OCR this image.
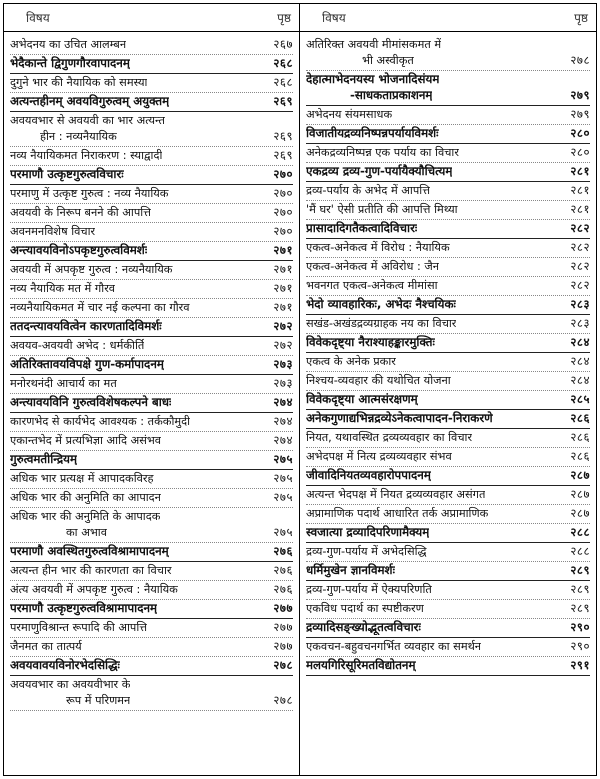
विषय	पृष्ठ
अभेदनय का उचित आलम्बन	२६७
भेदैकान्ते द्विगुणगौरवापादनम्	२६८
दुगुने भार की नैयायिक को समस्या	२६८
अत्यन्तहीनम् अवयविगुरुत्वम् अयुक्तम्	२६९
अवयवभार से अवयवी का भार अत्यन्त
हीन : नव्यनैयायिक	२६९
नव्य नैयायिकमत निराकरण : स्याद्वादी	२६९
परमाणौ उत्कृष्टगुरुत्वविचारः	२७०
परमाणु में उत्कृष्ट गुरुत्व : नव्य नैयायिक	२७०
अवयवी के निरूप बनने की आपत्ति	२७०
अवनमनविशेष विचार	२७०
अन्त्यावयविनोऽपकृष्टगुरुत्वविमर्शः	२७१
अवयवी में अपकृष्ट गुरुत्व : नव्यनैयायिक	२७१
नव्य नैयायिक मत में गौरव	२७१
नव्यनैयायिकमत में चार नई कल्पना का गौरव	२७१
ततदन्त्यावयवित्वेन कारणतादिविमर्शः	२७२
अवयव-अवयवी अभेद : धर्मकीर्ति	२७२
अतिरिक्तावयविपक्षे गुण-कर्मापादनम्	२७३
मनोरथनंदी आचार्य का मत	२७३
अन्त्यावयविनि गुरुत्वविशेषकल्पने बाधः	२७४
कारणभेद से कार्यभेद आवश्यक : तर्ककौमुदी	२७४
एकान्तभेद में प्रत्यभिज्ञा आदि असंभव	२७४
गुरुत्वमतीन्द्रियम्	२७५
अधिक भार प्रत्यक्ष में आपादकविरह	२७५
अधिक भार की अनुमिति का आपादन	२७५
अधिक भार की अनुमिति के आपादक
का अभाव	२७५
परमाणौ अवस्थितगुरुत्वविश्रामापादनम्	२७६
अत्यन्त हीन भार की कारणता का विचार	२७६
अंत्य अवयवी में अपकृष्ट गुरुत्व : नैयायिक	२७६
परमाणौ उत्कृष्टगुरुत्वविश्रामापादनम्	२७७
परमाणुविश्रान्त रूपादि की आपत्ति	२७७
जैनमत का तात्पर्य	२७७
अवयवावयविनोरभेदसिद्धिः	२७८
अवयवभार का अवयवीभार के
रूप में परिणमन	२७८
विषय	पृष्ठ
अतिरिक्त अवयवी मीमांसकमत में
भी अस्वीकृत	२७८
देहात्माभेदनयस्य भोजनादिसंयम
-साधकताप्रकाशनम्	२७९
अभेदनय संयमसाधक	२७९
विजातीयद्रव्यनिष्पन्नपर्यायविमर्शः	२८०
अनेकद्रव्यनिष्पन्न एक पर्याय का विचार	२८०
एकद्रव्य द्रव्य-गुण-पर्यायैक्यौचित्यम्	२८१
द्रव्य-पर्याय के अभेद में आपत्ति	२८१
'मैं घर' ऐसी प्रतीति की आपत्ति मिथ्या	२८१
प्रासादादिगतैकत्वादिविचारः	२८२
एकत्व-अनेकत्व में विरोध : नैयायिक	२८२
एकत्व-अनेकत्व में अविरोध : जैन	२८२
भवनगत एकत्व-अनेकत्व मीमांसा	२८२
भेदो व्यावहारिकः, अभेदः नैश्चयिकः	२८३
सखंड-अखंडद्रव्यग्राहक नय का विचार	२८३
विवेकदृष्ट्या नैराश्याहङ्कारमुक्तिः	२८४
एकत्व के अनेक प्रकार	२८४
निश्चय-व्यवहार की यथोचित योजना	२८४
विवेकदृष्ट्या आत्मसंरक्षणम्	२८५
अनेकगुणाद्यभिन्नद्रव्येऽनेकत्वापादन-निराकरणे	२८६
नियत, यथावस्थित द्रव्यव्यवहार का विचार	२८६
अभेदपक्ष में नित्य द्रव्यव्यवहार संभव	२८६
जीवादिनियतव्यवहारोपपादनम्	२८७
अत्यन्त भेदपक्ष में नियत द्रव्यव्यवहार असंगत	२८७
अप्रामाणिक पदार्थ आधारित तर्क अप्रामाणिक	२८७
स्वजात्या द्रव्यादिपरिणामैक्यम्	२८८
द्रव्य-गुण-पर्याय में अभेदसिद्धि	२८८
धर्मिमुखेन ज्ञानविमर्शः	२८९
द्रव्य-गुण-पर्याय में ऐक्यपरिणति	२८९
एकविध पदार्थ का स्पष्टीकरण	२८९
द्रव्यादिसङ्ख्योद्भूतत्वविचारः	२९०
एकवचन-बहुवचनगर्भित व्यवहार का समर्थन	२९०
मलयगिरिसूरिमतविद्योतनम्	२९१
